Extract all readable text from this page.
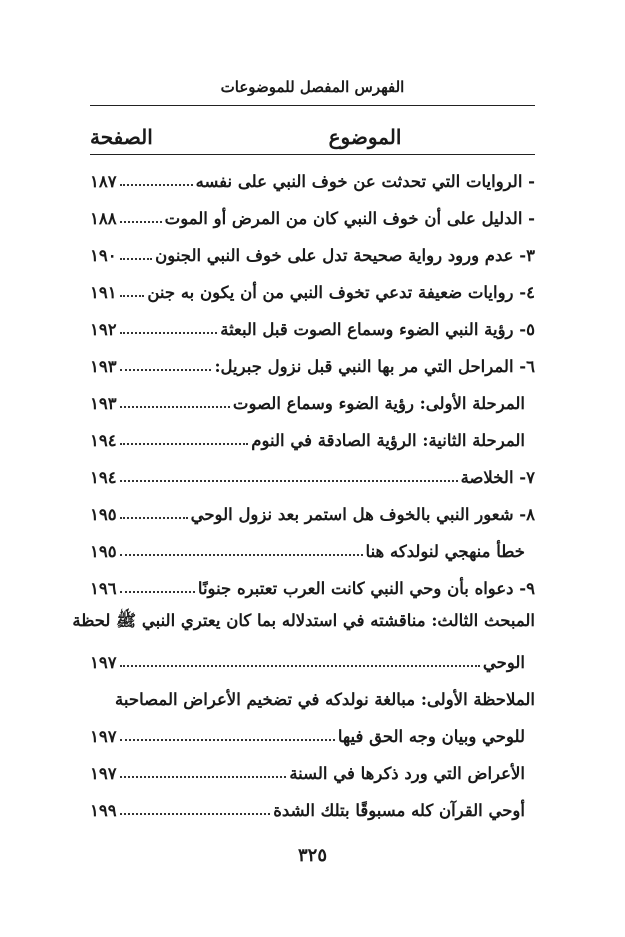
الفهرس المفصل للموضوعات
الموضوع
الصفحة
- الروايات التي تحدثت عن خوف النبي على نفسه
١٨٧
- الدليل على أن خوف النبي كان من المرض أو الموت
١٨٨
٣- عدم ورود رواية صحيحة تدل على خوف النبي الجنون
١٩٠
٤- روايات ضعيفة تدعي تخوف النبي من أن يكون به جنن
١٩١
٥- رؤية النبي الضوء وسماع الصوت قبل البعثة
١٩٢
٦- المراحل التي مر بها النبي قبل نزول جبريل:
١٩٣
المرحلة الأولى: رؤية الضوء وسماع الصوت
١٩٣
المرحلة الثانية: الرؤية الصادقة في النوم
١٩٤
٧- الخلاصة
١٩٤
٨- شعور النبي بالخوف هل استمر بعد نزول الوحي
١٩٥
خطأ منهجي لنولدكه هنا
١٩٥
٩- دعواه بأن وحي النبي كانت العرب تعتبره جنونًا
١٩٦
المبحث الثالث: مناقشته في استدلاله بما كان يعتري النبي ﷺ لحظة
الوحي
١٩٧
الملاحظة الأولى: مبالغة نولدكه في تضخيم الأعراض المصاحبة
للوحي وبيان وجه الحق فيها
١٩٧
الأعراض التي ورد ذكرها في السنة
١٩٧
أوحي القرآن كله مسبوقًا بتلك الشدة
١٩٩
٣٢٥
